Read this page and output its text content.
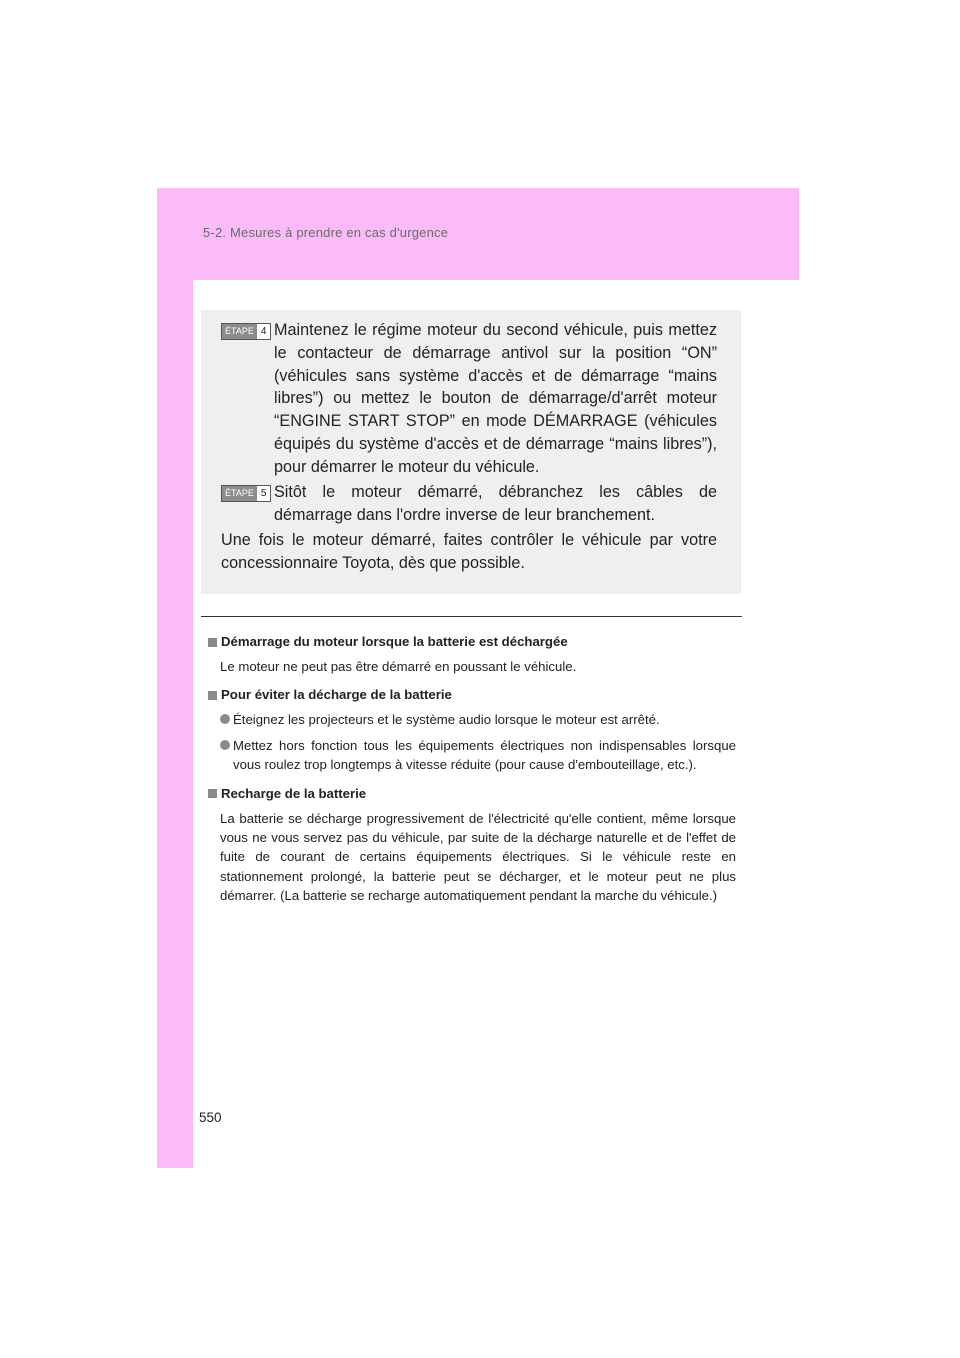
5-2. Mesures à prendre en cas d'urgence
ÉTAPE 4 Maintenez le régime moteur du second véhicule, puis mettez le contacteur de démarrage antivol sur la position “ON” (véhicules sans système d'accès et de démarrage “mains libres”) ou mettez le bouton de démarrage/d'arrêt moteur “ENGINE START STOP” en mode DÉMARRAGE (véhicules équipés du système d'accès et de démarrage “mains libres”), pour démarrer le moteur du véhicule.
ÉTAPE 5 Sitôt le moteur démarré, débranchez les câbles de démarrage dans l'ordre inverse de leur branchement.
Une fois le moteur démarré, faites contrôler le véhicule par votre concessionnaire Toyota, dès que possible.
Démarrage du moteur lorsque la batterie est déchargée
Le moteur ne peut pas être démarré en poussant le véhicule.
Pour éviter la décharge de la batterie
Éteignez les projecteurs et le système audio lorsque le moteur est arrêté.
Mettez hors fonction tous les équipements électriques non indispensables lorsque vous roulez trop longtemps à vitesse réduite (pour cause d'embouteillage, etc.).
Recharge de la batterie
La batterie se décharge progressivement de l'électricité qu'elle contient, même lorsque vous ne vous servez pas du véhicule, par suite de la décharge naturelle et de l'effet de fuite de courant de certains équipements électriques. Si le véhicule reste en stationnement prolongé, la batterie peut se décharger, et le moteur peut ne plus démarrer. (La batterie se recharge automatiquement pendant la marche du véhicule.)
550
